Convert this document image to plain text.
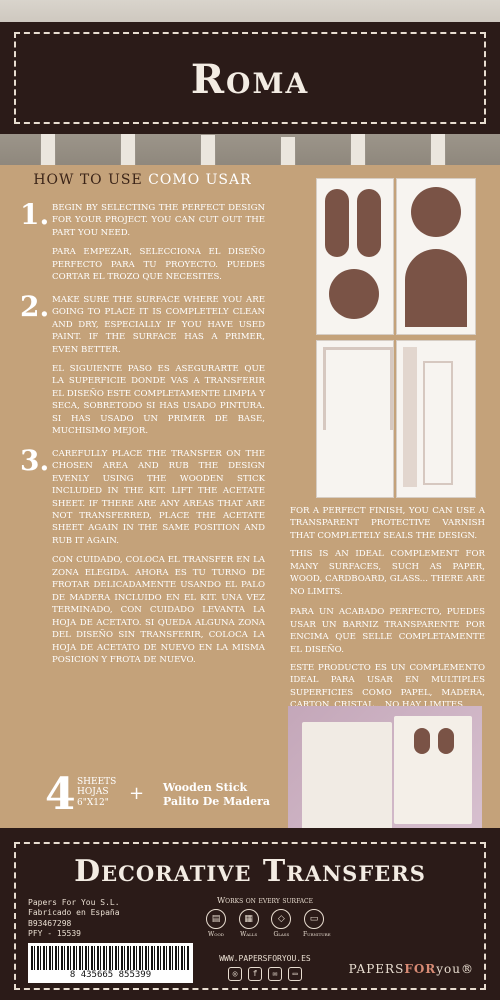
Roma
HOW TO USE COMO USAR
1. BEGIN BY SELECTING THE PERFECT DESIGN FOR YOUR PROJECT. YOU CAN CUT OUT THE PART YOU NEED.

PARA EMPEZAR, SELECCIONA EL DISEÑO PERFECTO PARA TU PROYECTO. PUEDES CORTAR EL TROZO QUE NECESITES.

2. MAKE SURE THE SURFACE WHERE YOU ARE GOING TO PLACE IT IS COMPLETELY CLEAN AND DRY, ESPECIALLY IF YOU HAVE USED PAINT. IF THE SURFACE HAS A PRIMER, EVEN BETTER.

EL SIGUIENTE PASO ES ASEGURARTE QUE LA SUPERFICIE DONDE VAS A TRANSFERIR EL DISEÑO ESTE COMPLETAMENTE LIMPIA Y SECA, SOBRETODO SI HAS USADO PINTURA. SI HAS USADO UN PRIMER DE BASE, MUCHISIMO MEJOR.

3. CAREFULLY PLACE THE TRANSFER ON THE CHOSEN AREA AND RUB THE DESIGN EVENLY USING THE WOODEN STICK INCLUDED IN THE KIT. LIFT THE ACETATE SHEET. IF THERE ARE ANY AREAS THAT ARE NOT TRANSFERRED, PLACE THE ACETATE SHEET AGAIN IN THE SAME POSITION AND RUB IT AGAIN.

CON CUIDADO, COLOCA EL TRANSFER EN LA ZONA ELEGIDA. AHORA ES TU TURNO DE FROTAR DELICADAMENTE USANDO EL PALO DE MADERA INCLUIDO EN EL KIT. UNA VEZ TERMINADO, CON CUIDADO LEVANTA LA HOJA DE ACETATO. SI QUEDA ALGUNA ZONA DEL DISEÑO SIN TRANSFERIR, COLOCA LA HOJA DE ACETATO DE NUEVO EN LA MISMA POSICION Y FROTA DE NUEVO.

4 SHEETS
HOJAS
6"X12"	+ Wooden Stick
Palito De Madera

FOR A PERFECT FINISH, YOU CAN USE A TRANSPARENT PROTECTIVE VARNISH THAT COMPLETELY SEALS THE DESIGN.

THIS IS AN IDEAL COMPLEMENT FOR MANY SURFACES, SUCH AS PAPER, WOOD, CARDBOARD, GLASS... THERE ARE NO LIMITS.

PARA UN ACABADO PERFECTO, PUEDES USAR UN BARNIZ TRANSPARENTE POR ENCIMA QUE SELLE COMPLETAMENTE EL DISEÑO.

ESTE PRODUCTO ES UN COMPLEMENTO IDEAL PARA USAR EN MULTIPLES SUPERFICIES COMO PAPEL, MADERA,

Decorative Transfers
Papers For You S.L.
Fabricado en España
B93467298
PFY - 15539
8 435665 855399
Works on every surface
▤
Wood
▦
Walls
◇
Glass
▭
Furniture
WWW.PAPERSFORYOU.ES
◎	f	✉	▭	PAPERSFORyou®
